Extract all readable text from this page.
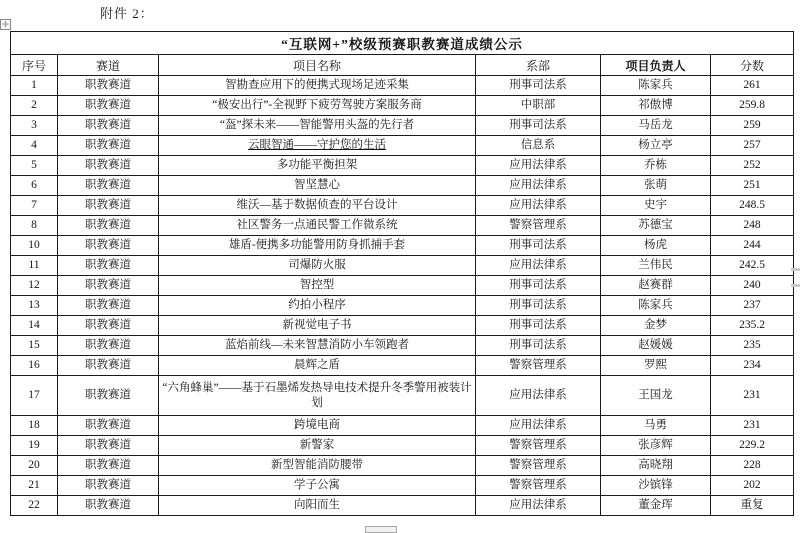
附件 2：
✛
“互联网+”校级预赛职教赛道成绩公示					
序号	赛道	项目名称	系部	项目负责人	分数
1	职教赛道	智勘查应用下的便携式现场足迹采集	刑事司法系	陈家兵	261
2	职教赛道	“极安出行”-全视野下疲劳驾驶方案服务商	中职部	祁傲博	259.8
3	职教赛道	“盔”探未来——智能警用头盔的先行者	刑事司法系	马岳龙	259
4	职教赛道	云眼智通——守护您的生活	信息系	杨立亭	257
5	职教赛道	多功能平衡担架	应用法律系	乔栋	252
6	职教赛道	智坚慧心	应用法律系	张萌	251
7	职教赛道	维沃—基于数据侦查的平台设计	应用法律系	史宇	248.5
8	职教赛道	社区警务一点通民警工作微系统	警察管理系	苏德宝	248
10	职教赛道	雄盾-便携多功能警用防身抓捕手套	刑事司法系	杨虎	244
11	职教赛道	司爆防火服	应用法律系	兰伟民	242.5
12	职教赛道	智控型	刑事司法系	赵赛群	240
13	职教赛道	约拍小程序	刑事司法系	陈家兵	237
14	职教赛道	新视觉电子书	刑事司法系	金梦	235.2
15	职教赛道	蓝焰前线—未来智慧消防小车领跑者	刑事司法系	赵媛媛	235
16	职教赛道	晨辉之盾	警察管理系	罗熙	234
17	职教赛道	“六角蜂巢”——基于石墨烯发热导电技术提升冬季警用被装计划	应用法律系	王国龙	231
18	职教赛道	跨境电商	应用法律系	马勇	231
19	职教赛道	新警家	警察管理系	张彦辉	229.2
20	职教赛道	新型智能消防腰带	警察管理系	高晓翔	228
21	职教赛道	学子公寓	警察管理系	沙镔锋	202
22	职教赛道	向阳而生	应用法律系	董金珲	重复
